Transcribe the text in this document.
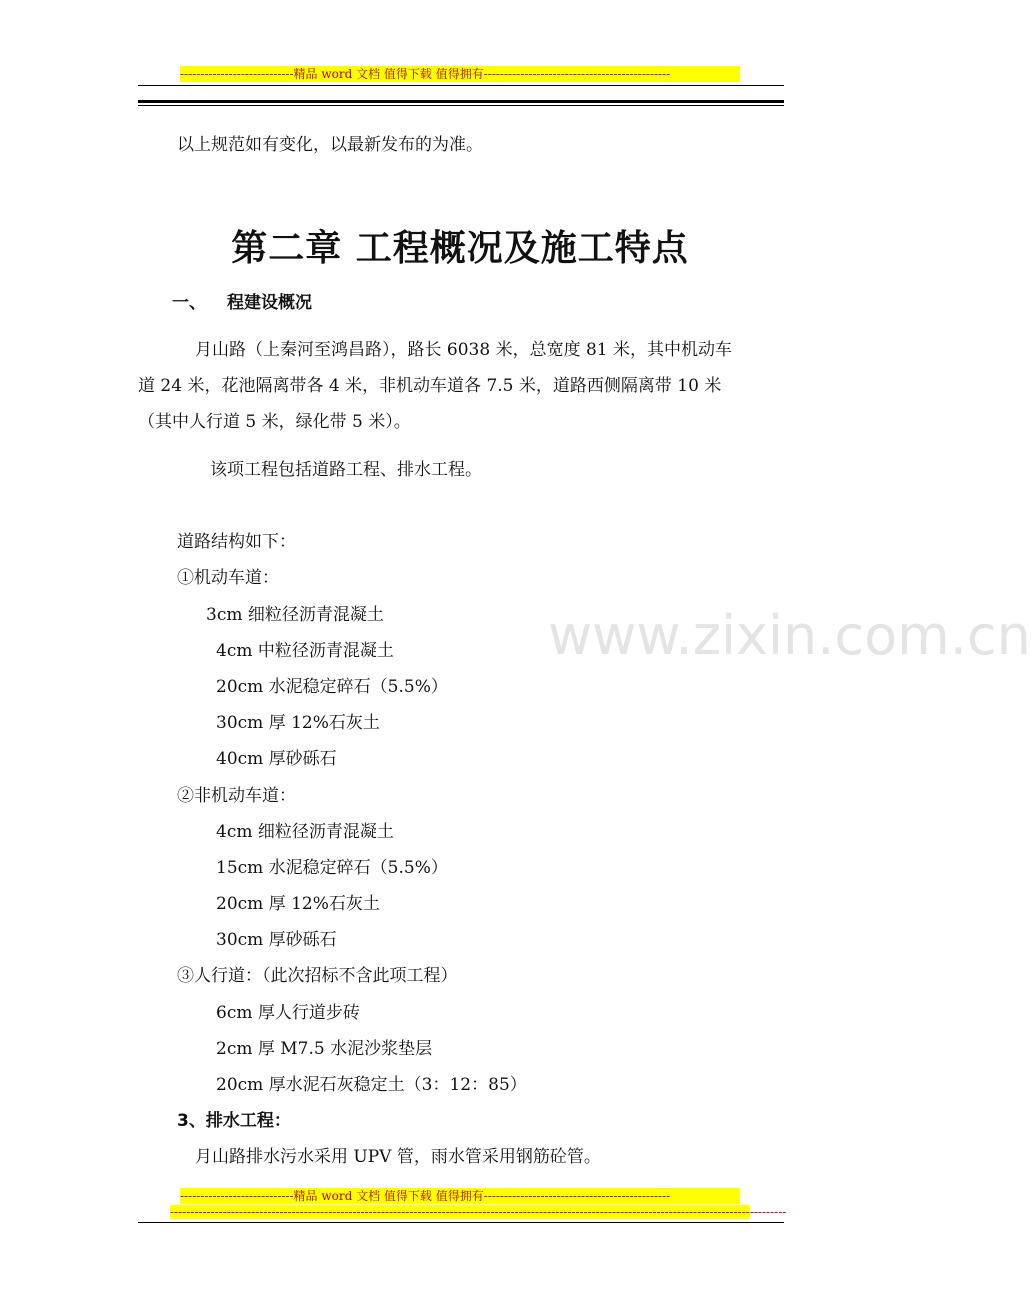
----------------------------精品 word 文档 值得下载 值得拥有----------------------------------------------
www.zixin.com.cn
以上规范如有变化，以最新发布的为准。
第二章 工程概况及施工特点
一、 程建设概况
月山路（上秦河至鸿昌路），路长 6038 米，总宽度 81 米，其中机动车
道 24 米，花池隔离带各 4 米，非机动车道各 7.5 米，道路西侧隔离带 10 米
（其中人行道 5 米，绿化带 5 米）。
该项工程包括道路工程、排水工程。
道路结构如下：
①机动车道：
3cm 细粒径沥青混凝土
4cm 中粒径沥青混凝土
20cm 水泥稳定碎石（5.5%）
30cm 厚 12%石灰土
40cm 厚砂砾石
②非机动车道：
4cm 细粒径沥青混凝土
15cm 水泥稳定碎石（5.5%）
20cm 厚 12%石灰土
30cm 厚砂砾石
③人行道：（此次招标不含此项工程）
6cm 厚人行道步砖
2cm 厚 M7.5 水泥沙浆垫层
20cm 厚水泥石灰稳定土（3：12：85）
3、排水工程：
月山路排水污水采用 UPV 管，雨水管采用钢筋砼管。
----------------------------精品 word 文档 值得下载 值得拥有----------------------------------------------
--------------------------------------------------------------------------------------------------------------------------------------------------------
